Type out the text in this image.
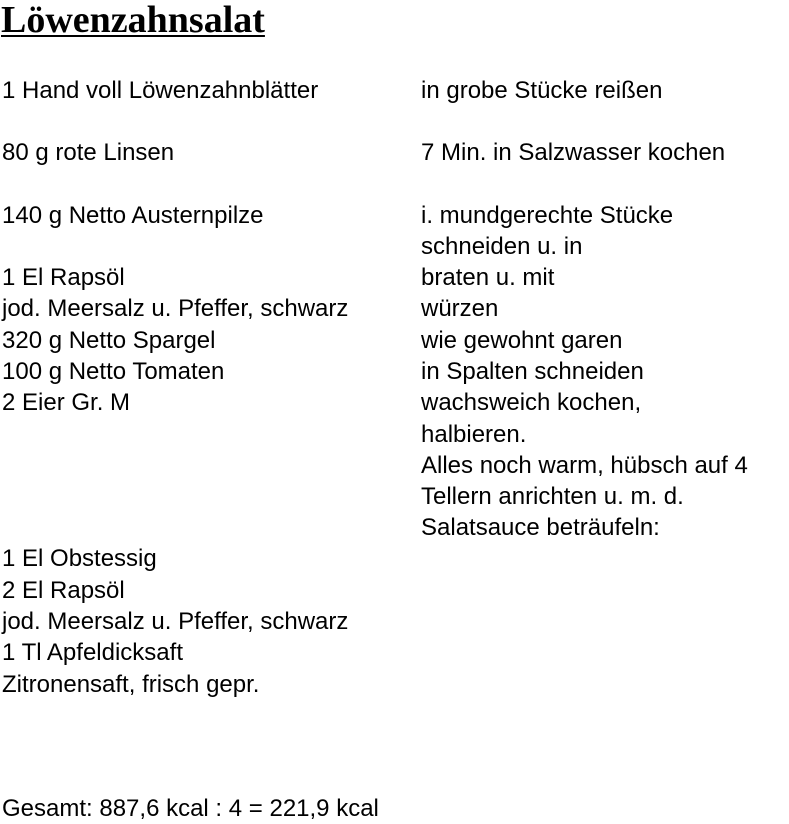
Löwenzahnsalat
1 Hand voll Löwenzahnblätter
80 g rote Linsen
140 g Netto Austernpilze
1 El Rapsöl
jod. Meersalz u. Pfeffer, schwarz
320 g Netto Spargel
100 g Netto Tomaten
2 Eier Gr. M
1 El Obstessig
2 El Rapsöl
jod. Meersalz u. Pfeffer, schwarz
1 Tl Apfeldicksaft
Zitronensaft, frisch gepr.
in grobe Stücke reißen
7 Min. in Salzwasser kochen
i. mundgerechte Stücke
schneiden u. in
braten u. mit
würzen
wie gewohnt garen
in Spalten schneiden
wachsweich kochen,
halbieren.
Alles noch warm, hübsch auf 4
Tellern anrichten u. m. d.
Salatsauce beträufeln:
Gesamt: 887,6 kcal : 4 = 221,9 kcal
